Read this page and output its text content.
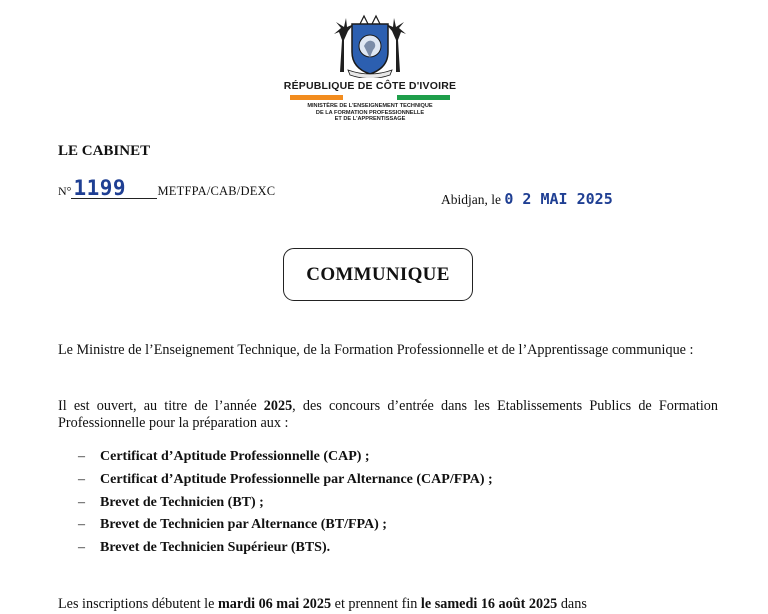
RÉPUBLIQUE DE CÔTE D'IVOIRE
MINISTÈRE DE L'ENSEIGNEMENT TECHNIQUE
DE LA FORMATION PROFESSIONNELLE
ET DE L'APPRENTISSAGE
LE CABINET
N°1199	METFPA/CAB/DEXC
Abidjan, le 0 2 MAI 2025
COMMUNIQUE
Le Ministre de l’Enseignement Technique, de la Formation Professionnelle et de l’Apprentissage communique :
Il est ouvert, au titre de l’année 2025, des concours d’entrée dans les Etablissements Publics de Formation Professionnelle pour la préparation aux :
– Certificat d’Aptitude Professionnelle (CAP) ;
– Certificat d’Aptitude Professionnelle par Alternance (CAP/FPA) ;
– Brevet de Technicien (BT) ;
– Brevet de Technicien par Alternance (BT/FPA) ;
– Brevet de Technicien Supérieur (BTS).
Les inscriptions débutent le mardi 06 mai 2025 et prennent fin le samedi 16 août 2025 dans
